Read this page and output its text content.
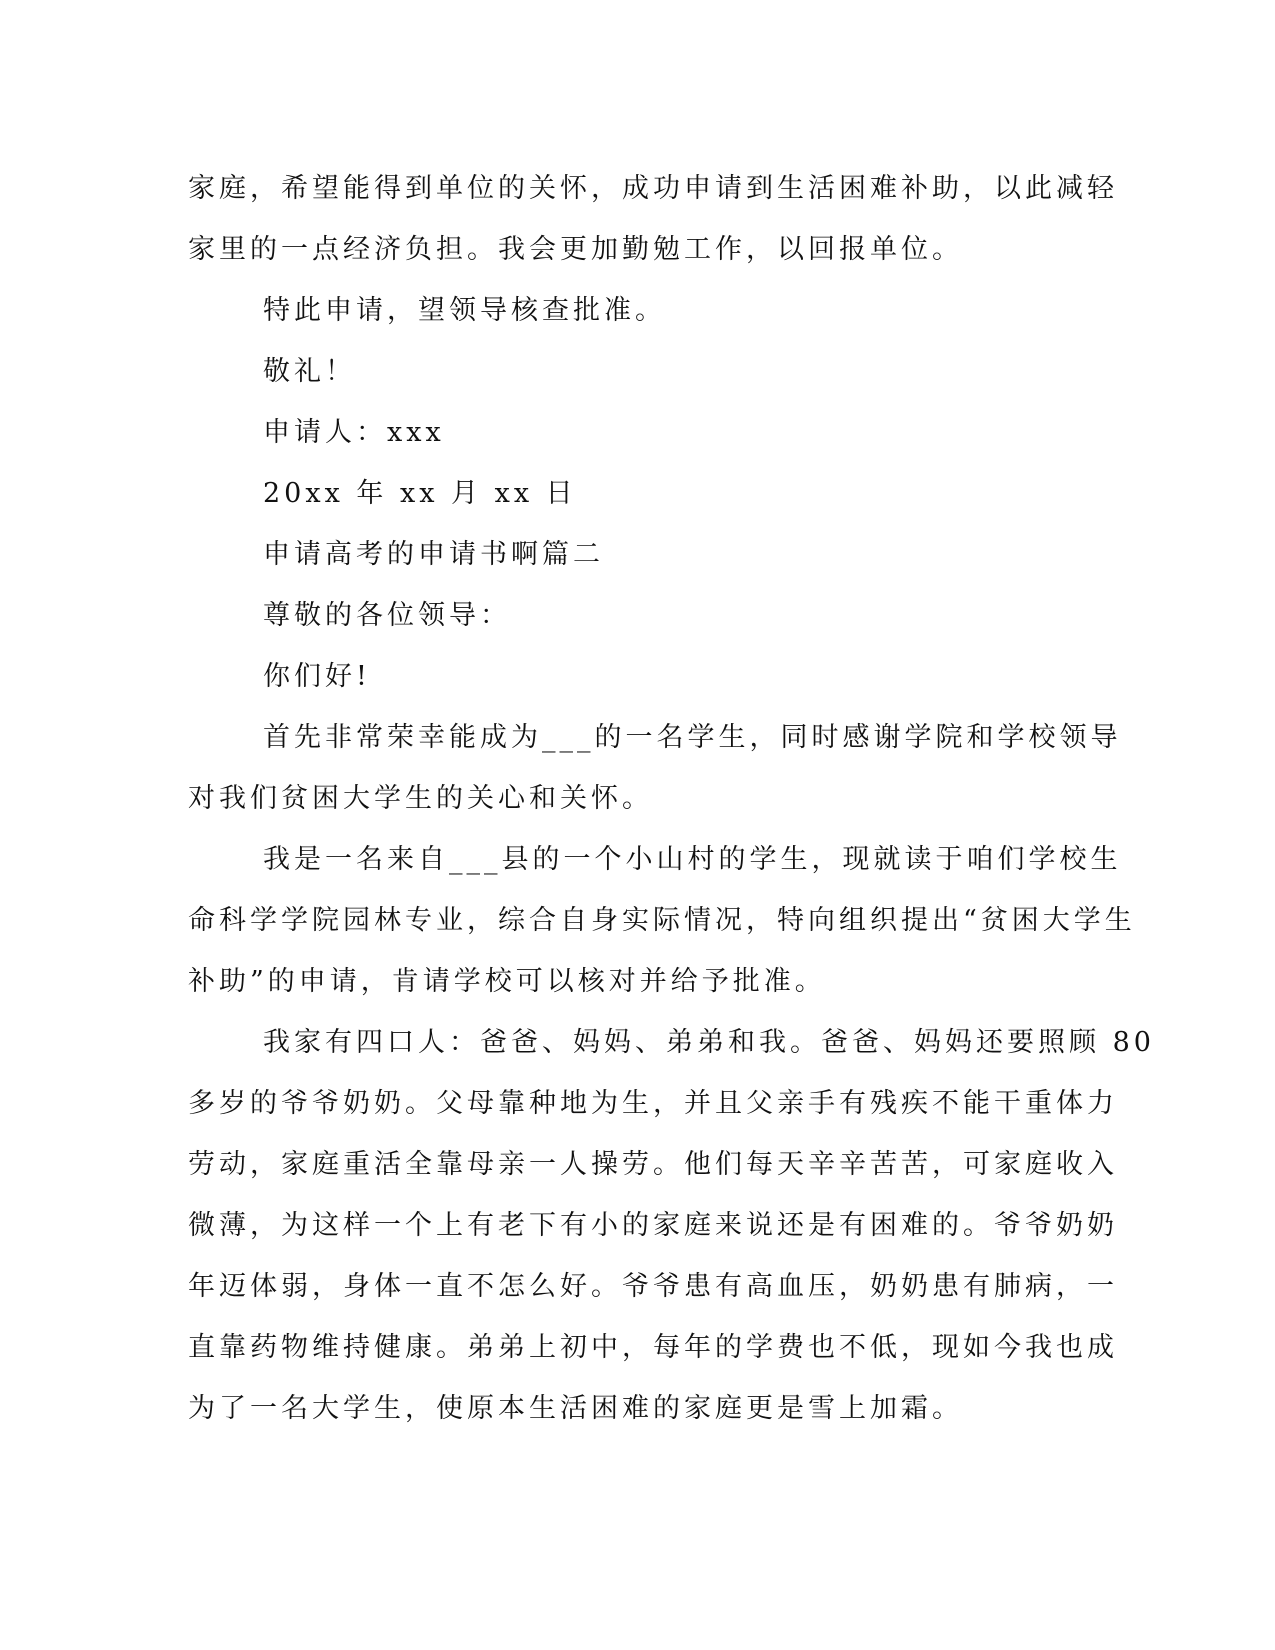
家庭，希望能得到单位的关怀，成功申请到生活困难补助，以此减轻
家里的一点经济负担。我会更加勤勉工作，以回报单位。
特此申请，望领导核查批准。
敬礼！
申请人：xxx
20xx 年 xx 月 xx 日
申请高考的申请书啊篇二
尊敬的各位领导：
你们好!
首先非常荣幸能成为___的一名学生，同时感谢学院和学校领导
对我们贫困大学生的关心和关怀。
我是一名来自___县的一个小山村的学生，现就读于咱们学校生
命科学学院园林专业，综合自身实际情况，特向组织提出“贫困大学生
补助”的申请，肯请学校可以核对并给予批准。
我家有四口人：爸爸、妈妈、弟弟和我。爸爸、妈妈还要照顾 80
多岁的爷爷奶奶。父母靠种地为生，并且父亲手有残疾不能干重体力
劳动，家庭重活全靠母亲一人操劳。他们每天辛辛苦苦，可家庭收入
微薄，为这样一个上有老下有小的家庭来说还是有困难的。爷爷奶奶
年迈体弱，身体一直不怎么好。爷爷患有高血压，奶奶患有肺病，一
直靠药物维持健康。弟弟上初中，每年的学费也不低，现如今我也成
为了一名大学生，使原本生活困难的家庭更是雪上加霜。
